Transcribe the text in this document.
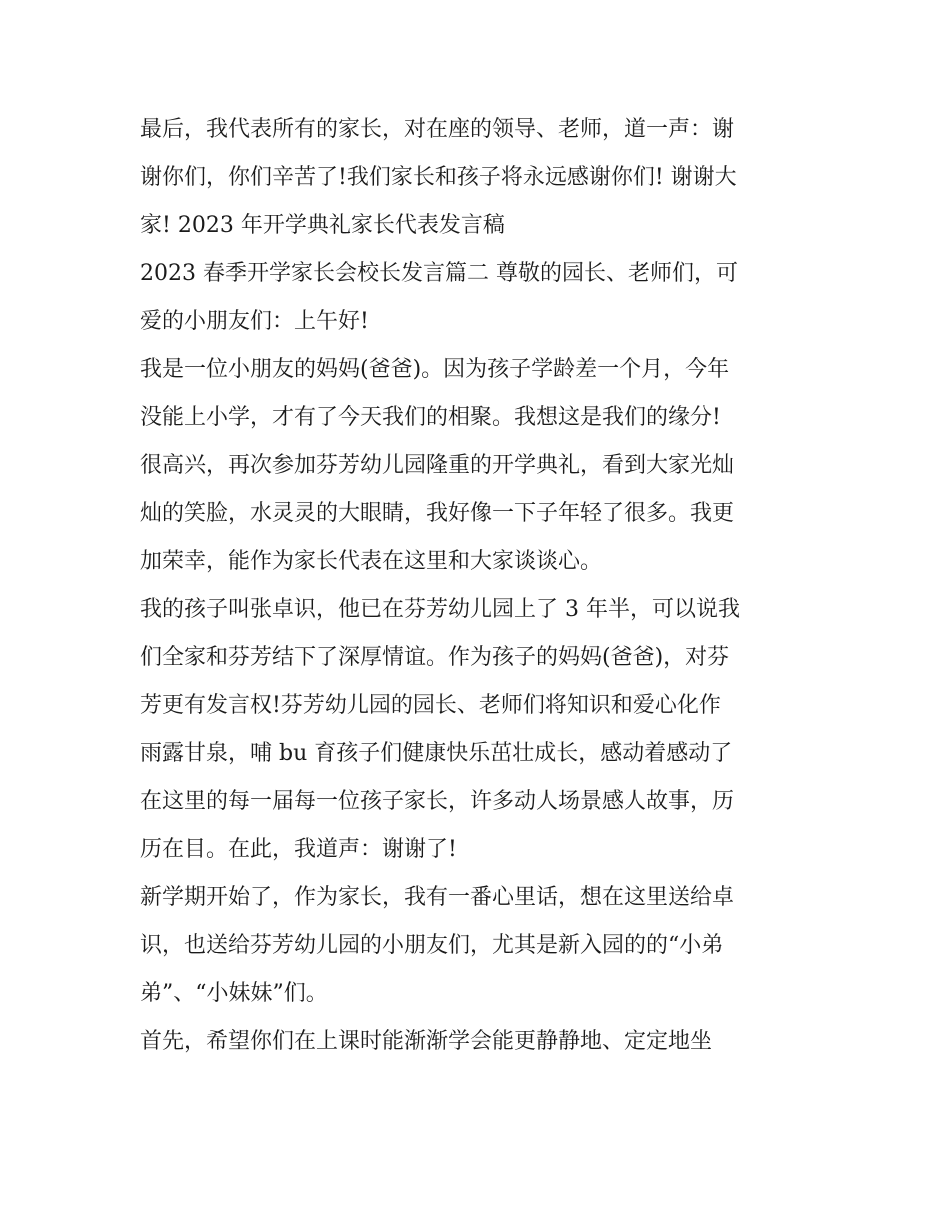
最后，我代表所有的家长，对在座的领导、老师，道一声：谢
谢你们，你们辛苦了!我们家长和孩子将永远感谢你们! 谢谢大
家! 2023 年开学典礼家长代表发言稿
2023 春季开学家长会校长发言篇二 尊敬的园长、老师们，可
爱的小朋友们：上午好!
我是一位小朋友的妈妈(爸爸)。因为孩子学龄差一个月，今年
没能上小学，才有了今天我们的相聚。我想这是我们的缘分!
很高兴，再次参加芬芳幼儿园隆重的开学典礼，看到大家光灿
灿的笑脸，水灵灵的大眼睛，我好像一下子年轻了很多。我更
加荣幸，能作为家长代表在这里和大家谈谈心。
我的孩子叫张卓识，他已在芬芳幼儿园上了 3 年半，可以说我
们全家和芬芳结下了深厚情谊。作为孩子的妈妈(爸爸)，对芬
芳更有发言权!芬芳幼儿园的园长、老师们将知识和爱心化作
雨露甘泉，哺 bu 育孩子们健康快乐茁壮成长，感动着感动了
在这里的每一届每一位孩子家长，许多动人场景感人故事，历
历在目。在此，我道声：谢谢了!
新学期开始了，作为家长，我有一番心里话，想在这里送给卓
识，也送给芬芳幼儿园的小朋友们，尤其是新入园的的“小弟
弟”、“小妹妹”们。
首先，希望你们在上课时能渐渐学会能更静静地、定定地坐
